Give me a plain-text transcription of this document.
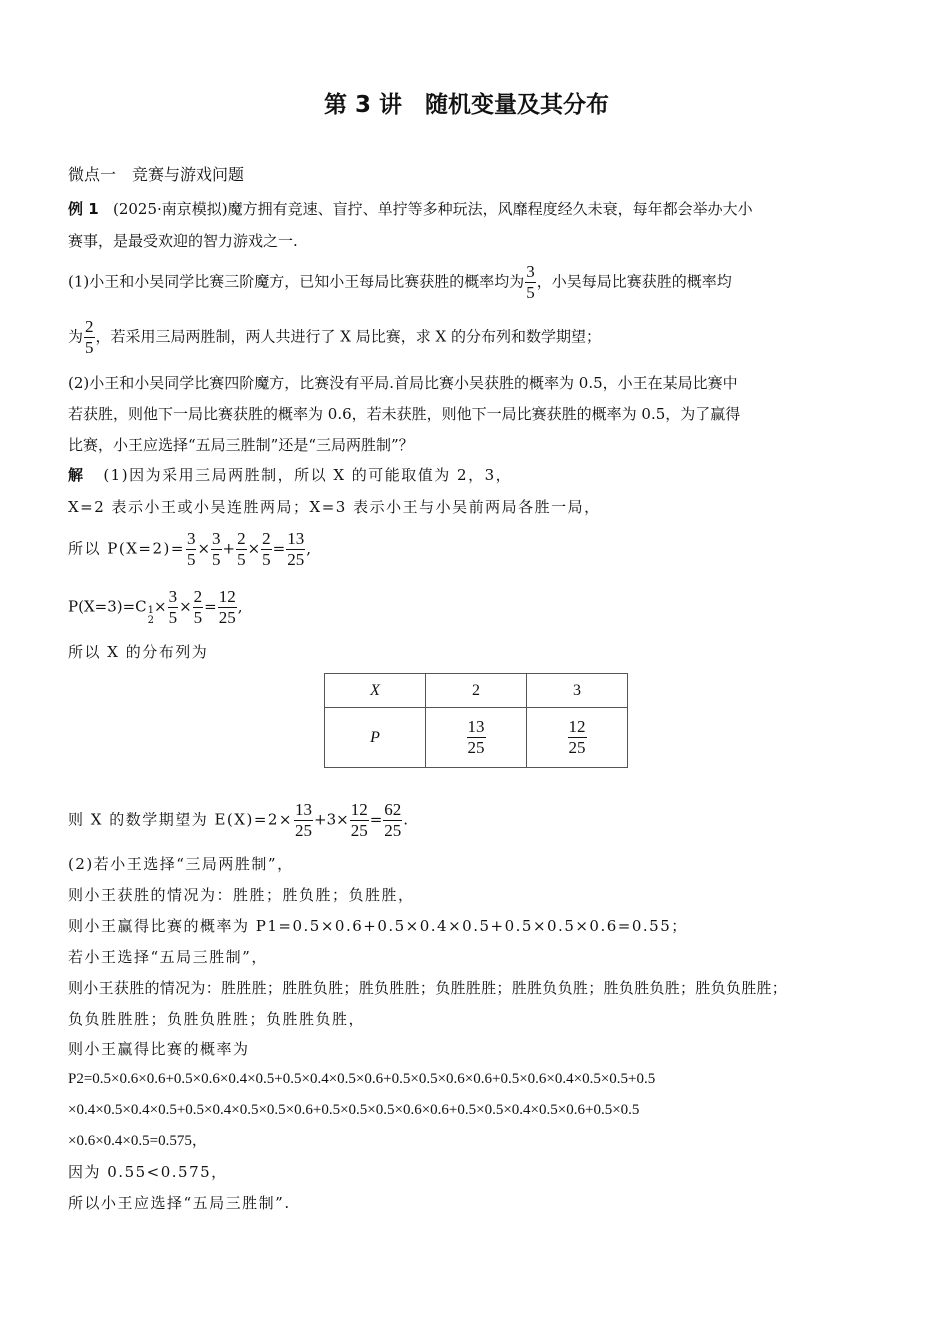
第 3 讲　随机变量及其分布
微点一　竞赛与游戏问题
例 1 (2025·南京模拟)魔方拥有竞速、盲拧、单拧等多种玩法，风靡程度经久未衰，每年都会举办大小
赛事，是最受欢迎的智力游戏之一.
(1)小王和小吴同学比赛三阶魔方，已知小王每局比赛获胜的概率均为 $\frac{3}{5}$ ，小吴每局比赛获胜的概率均
为 $\frac{2}{5}$ ，若采用三局两胜制，两人共进行了 X 局比赛，求 X 的分布列和数学期望；
(2)小王和小吴同学比赛四阶魔方，比赛没有平局.首局比赛小吴获胜的概率为 0.5，小王在某局比赛中
若获胜，则他下一局比赛获胜的概率为 0.6，若未获胜，则他下一局比赛获胜的概率为 0.5，为了赢得
比赛，小王应选择“五局三胜制”还是“三局两胜制”？
解 (1)因为采用三局两胜制，所以 X 的可能取值为 2，3，
X=2 表示小王或小吴连胜两局；X=3 表示小王与小吴前两局各胜一局，
所以 $P(X=2)= \frac{3}{5} \times \frac{3}{5} + \frac{2}{5} \times \frac{2}{5} = \frac{13}{25}$ ,
P(X=3)=C 1
2
× $\frac{3}{5} \times \frac{2}{5} = \frac{12}{25}$ ,
所以 X 的分布列为
X	2	3
P	$\frac{13}{25}$	$\frac{12}{25}$
则 X 的数学期望为 $E(X)=2\times \frac{13}{25} +3\times \frac{12}{25} = \frac{62}{25}$ .
(2)若小王选择“三局两胜制”，
则小王获胜的情况为：胜胜；胜负胜；负胜胜，
则小王赢得比赛的概率为 P1=0.5×0.6+0.5×0.4×0.5+0.5×0.5×0.6=0.55；
若小王选择“五局三胜制”，
则小王获胜的情况为：胜胜胜；胜胜负胜；胜负胜胜；负胜胜胜；胜胜负负胜；胜负胜负胜；胜负负胜胜；
负负胜胜胜；负胜负胜胜；负胜胜负胜，
则小王赢得比赛的概率为
P2=0.5×0.6×0.6+0.5×0.6×0.4×0.5+0.5×0.4×0.5×0.6+0.5×0.5×0.6×0.6+0.5×0.6×0.4×0.5×0.5+0.5
×0.4×0.5×0.4×0.5+0.5×0.4×0.5×0.5×0.6+0.5×0.5×0.5×0.6×0.6+0.5×0.5×0.4×0.5×0.6+0.5×0.5
×0.6×0.4×0.5=0.575，
因为 0.55<0.575，
所以小王应选择“五局三胜制”.
